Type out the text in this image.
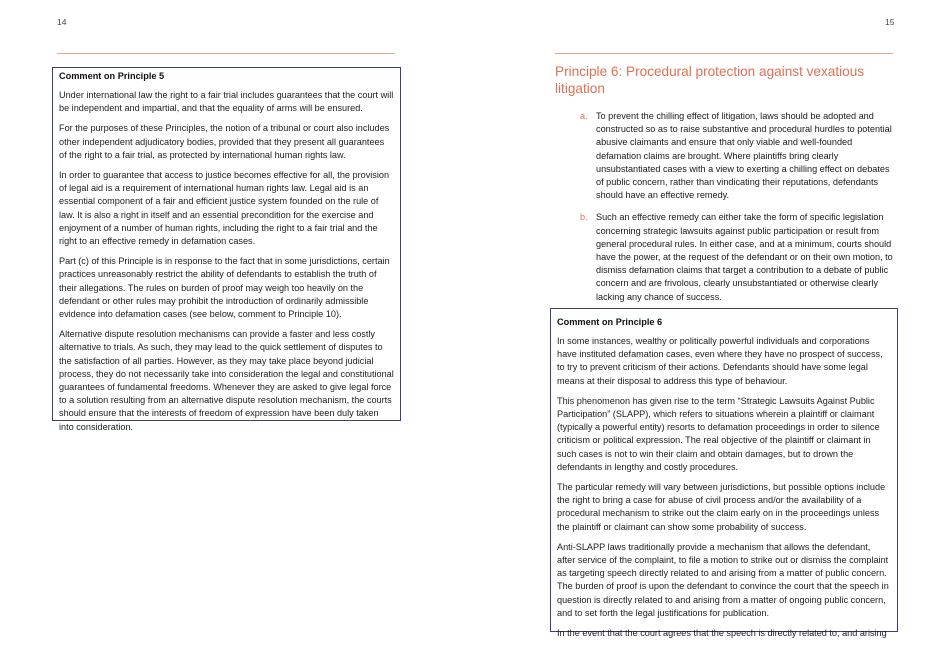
14
Comment on Principle 5

Under international law the right to a fair trial includes guarantees that the court will be independent and impartial, and that the equality of arms will be ensured.

For the purposes of these Principles, the notion of a tribunal or court also includes other independent adjudicatory bodies, provided that they present all guarantees of the right to a fair trial, as protected by international human rights law.

In order to guarantee that access to justice becomes effective for all, the provision of legal aid is a requirement of international human rights law. Legal aid is an essential component of a fair and efficient justice system founded on the rule of law. It is also a right in itself and an essential precondition for the exercise and enjoyment of a number of human rights, including the right to a fair trial and the right to an effective remedy in defamation cases.

Part (c) of this Principle is in response to the fact that in some jurisdictions, certain practices unreasonably restrict the ability of defendants to establish the truth of their allegations. The rules on burden of proof may weigh too heavily on the defendant or other rules may prohibit the introduction of ordinarily admissible evidence into defamation cases (see below, comment to Principle 10).

Alternative dispute resolution mechanisms can provide a faster and less costly alternative to trials. As such, they may lead to the quick settlement of disputes to the satisfaction of all parties. However, as they may take place beyond judicial process, they do not necessarily take into consideration the legal and constitutional guarantees of fundamental freedoms. Whenever they are asked to give legal force to a solution resulting from an alternative dispute resolution mechanism, the courts should ensure that the interests of freedom of expression have been duly taken into consideration.

15
Principle 6: Procedural protection against vexatious litigation
a. To prevent the chilling effect of litigation, laws should be adopted and constructed so as to raise substantive and procedural hurdles to potential abusive claimants and ensure that only viable and well-founded defamation claims are brought. Where plaintiffs bring clearly unsubstantiated cases with a view to exerting a chilling effect on debates of public concern, rather than vindicating their reputations, defendants should have an effective remedy.
b. Such an effective remedy can either take the form of specific legislation concerning strategic lawsuits against public participation or result from general procedural rules. In either case, and at a minimum, courts should have the power, at the request of the defendant or on their own motion, to dismiss defamation claims that target a contribution to a debate of public concern and are frivolous, clearly unsubstantiated or otherwise clearly lacking any chance of success.
Comment on Principle 6

In some instances, wealthy or politically powerful individuals and corporations have instituted defamation cases, even where they have no prospect of success, to try to prevent criticism of their actions. Defendants should have some legal means at their disposal to address this type of behaviour.

This phenomenon has given rise to the term “Strategic Lawsuits Against Public Participation” (SLAPP), which refers to situations wherein a plaintiff or claimant (typically a powerful entity) resorts to defamation proceedings in order to silence criticism or political expression. The real objective of the plaintiff or claimant in such cases is not to win their claim and obtain damages, but to drown the defendants in lengthy and costly procedures.

The particular remedy will vary between jurisdictions, but possible options include the right to bring a case for abuse of civil process and/or the availability of a procedural mechanism to strike out the claim early on in the proceedings unless the plaintiff or claimant can show some probability of success.

Anti-SLAPP laws traditionally provide a mechanism that allows the defendant, after service of the complaint, to file a motion to strike out or dismiss the complaint as targeting speech directly related to and arising from a matter of public concern. The burden of proof is upon the defendant to convince the court that the speech in question is directly related to and arising from a matter of ongoing public concern, and to set forth the legal justifications for publication.

In the event that the court agrees that the speech is directly related to, and arising
